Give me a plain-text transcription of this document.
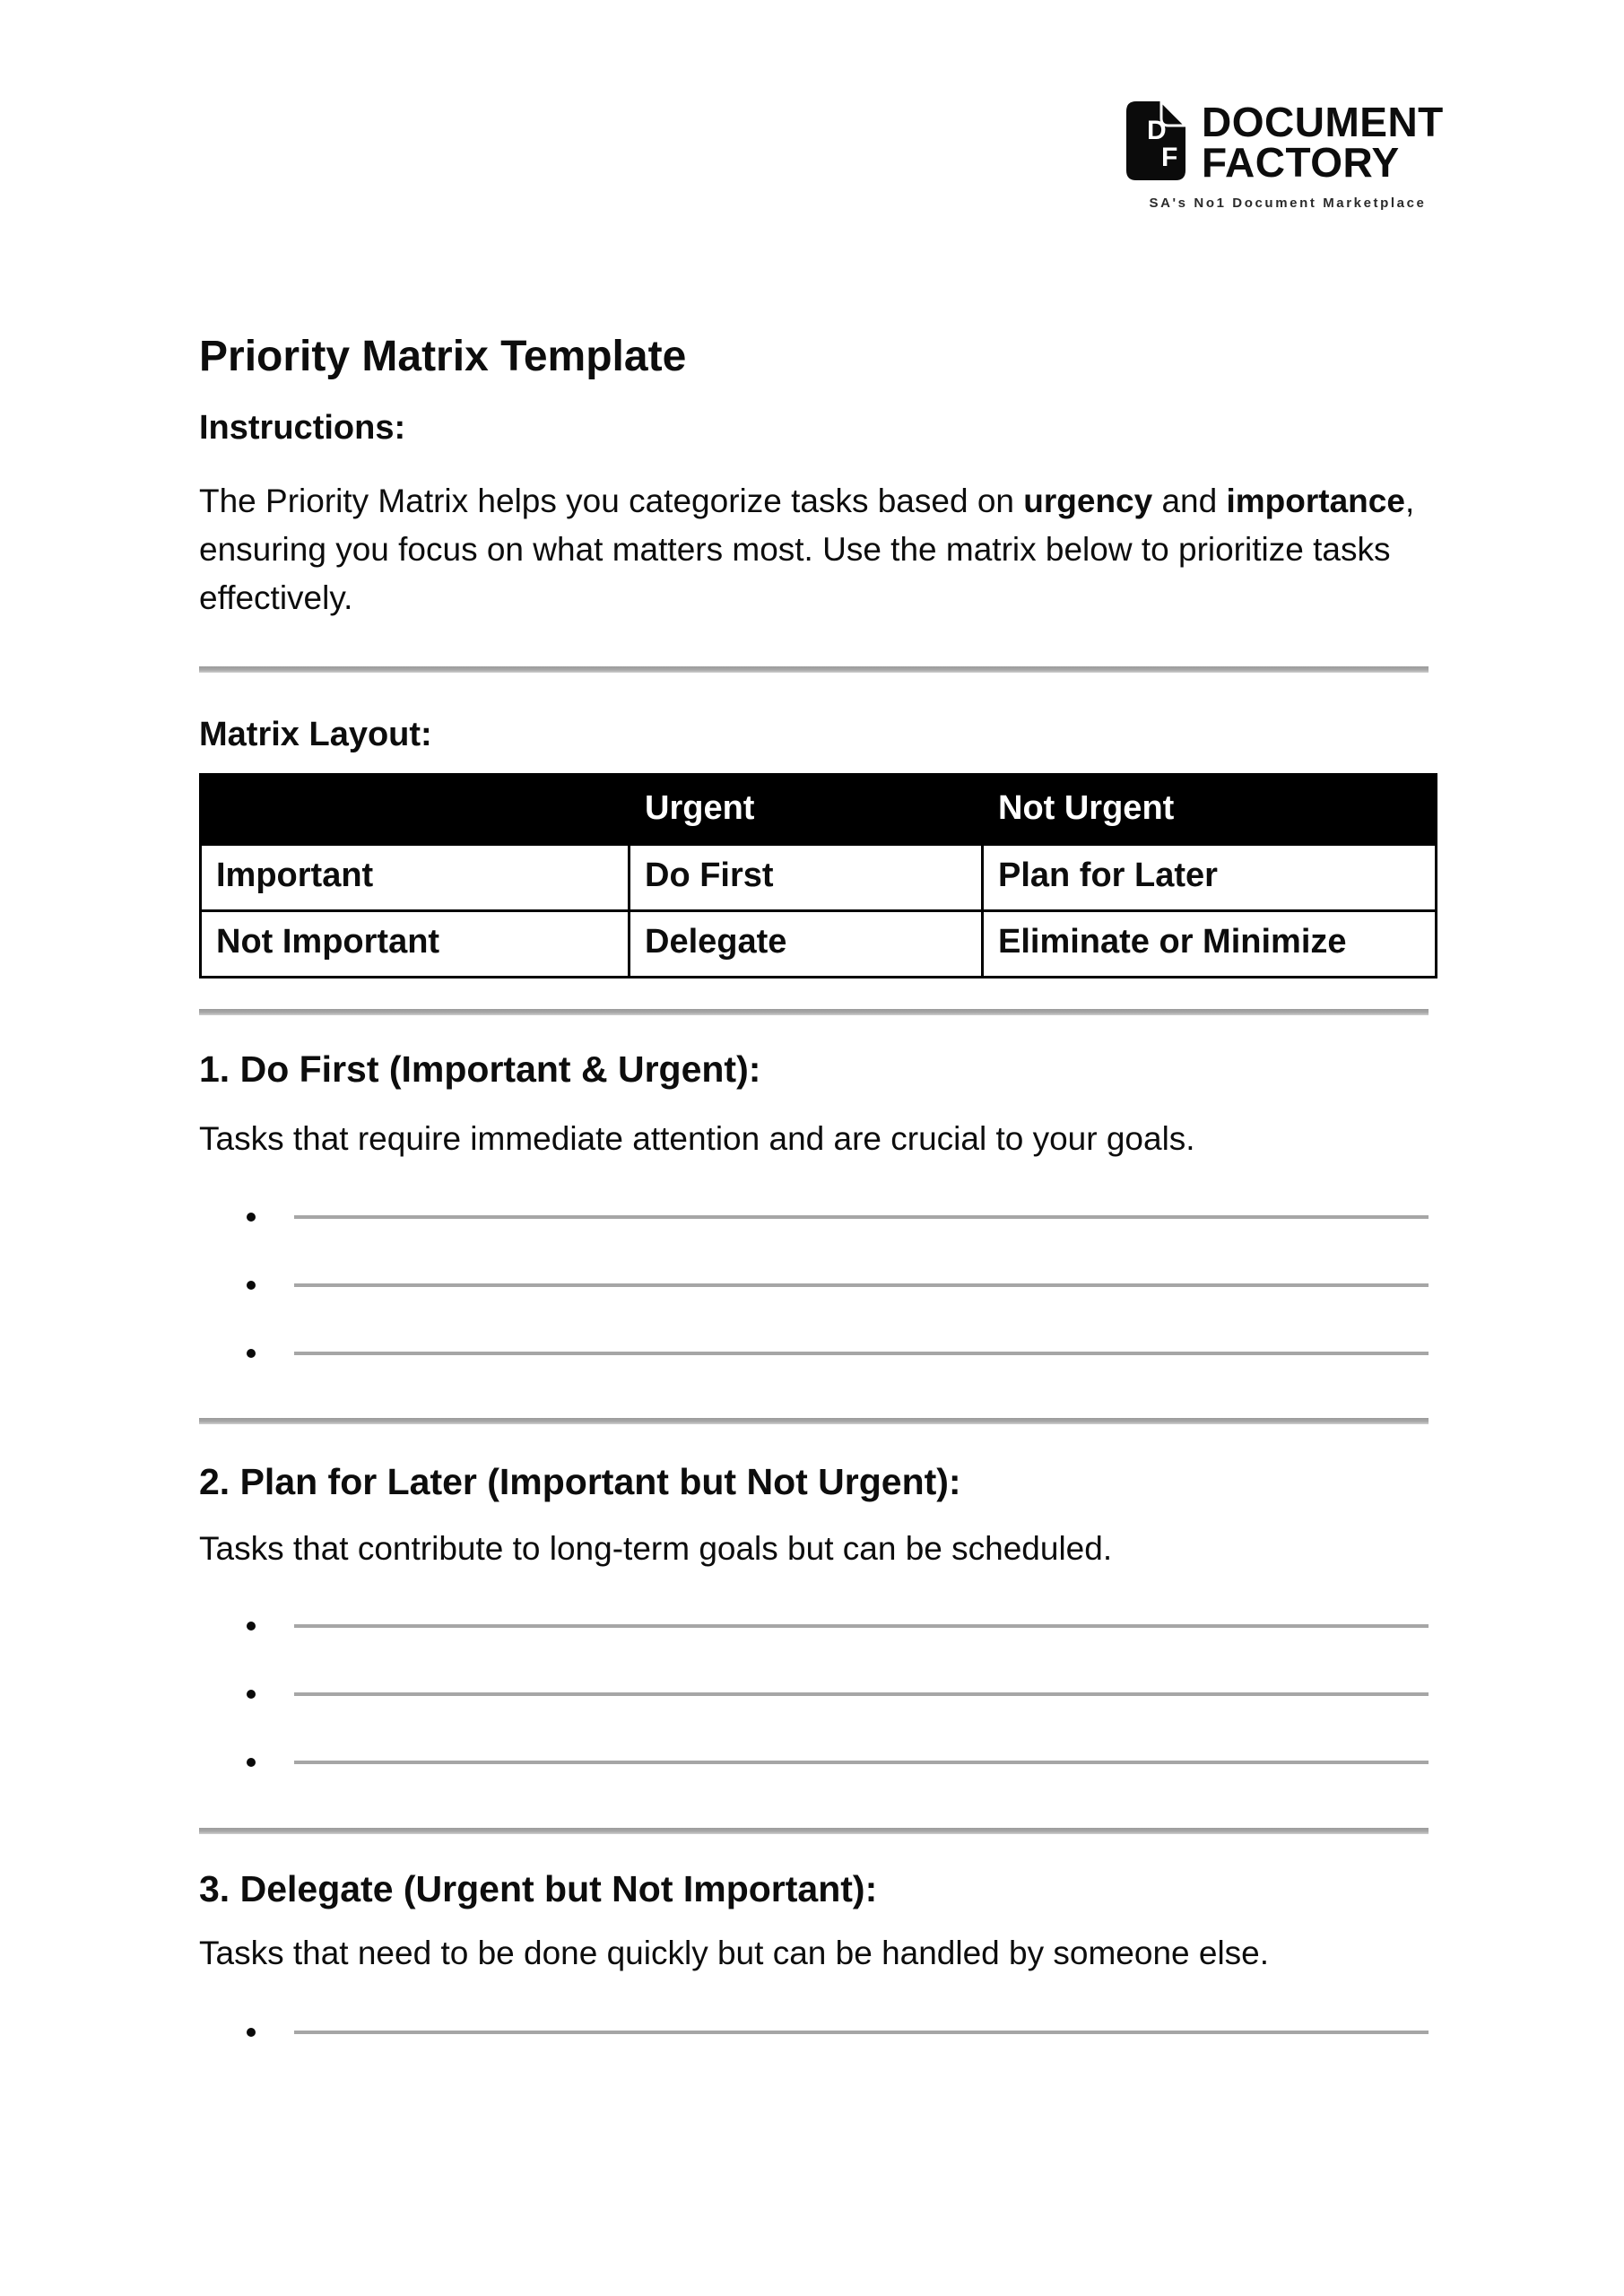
D
F
DOCUMENT
FACTORY
SA's No1 Document Marketplace
Priority Matrix Template
Instructions:

The Priority Matrix helps you categorize tasks based on urgency and importance, ensuring you focus on what matters most. Use the matrix below to prioritize tasks effectively.

Matrix Layout:
	Urgent	Not Urgent
Important	Do First	Plan for Later
Not Important	Delegate	Eliminate or Minimize
1. Do First (Important & Urgent):
Tasks that require immediate attention and are crucial to your goals.
2. Plan for Later (Important but Not Urgent):
Tasks that contribute to long-term goals but can be scheduled.
3. Delegate (Urgent but Not Important):
Tasks that need to be done quickly but can be handled by someone else.
